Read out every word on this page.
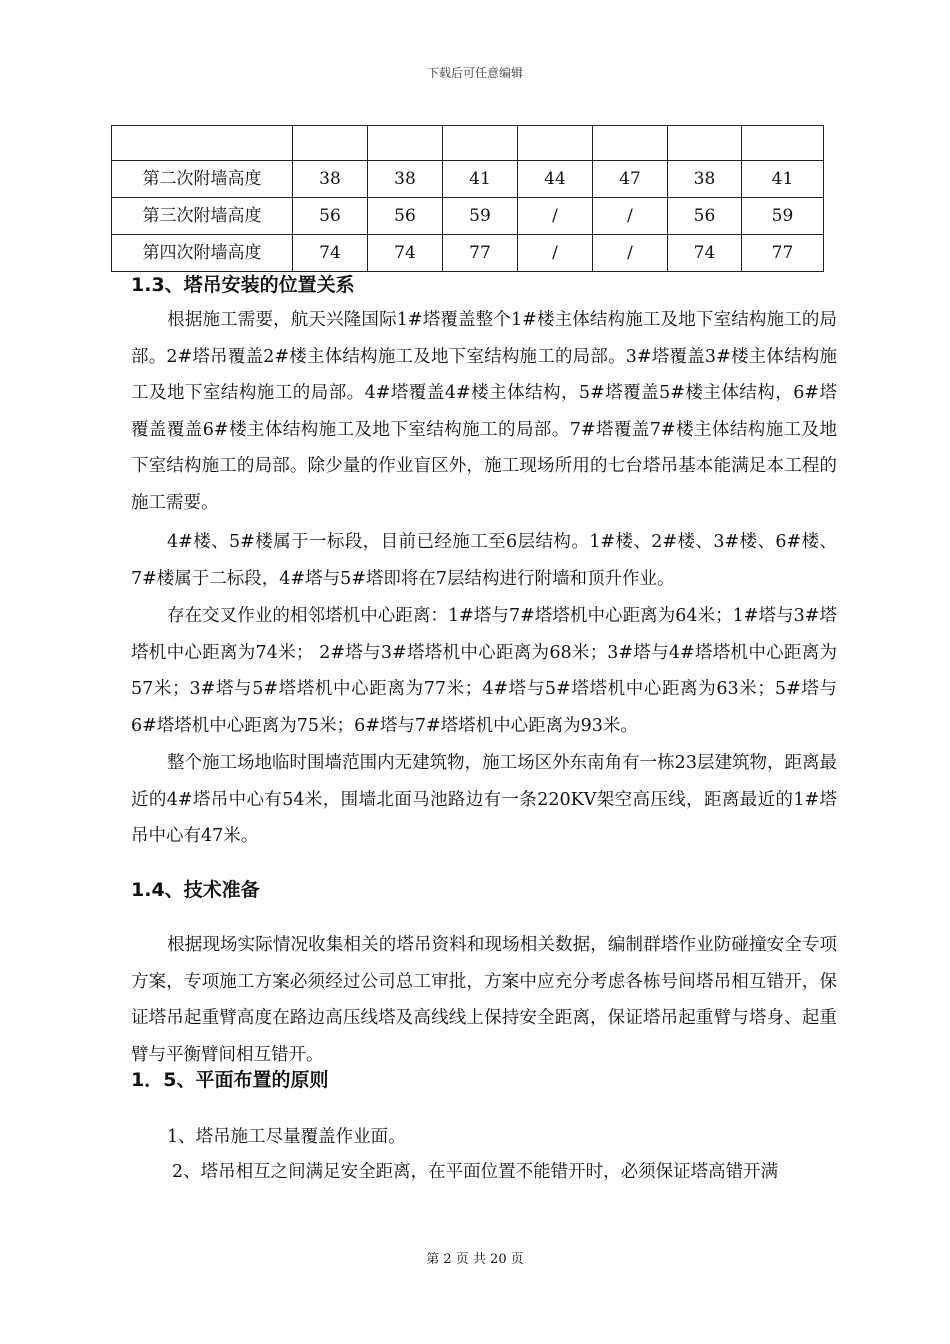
下载后可任意编辑

第二次附墙高度	38	38	41	44	47	38	41
第三次附墙高度	56	56	59	/	/	56	59
第四次附墙高度	74	74	77	/	/	74	77
1.3、塔吊安装的位置关系
根据施工需要，航天兴隆国际1#塔覆盖整个1#楼主体结构施工及地下室结构施工的局部。2#塔吊覆盖2#楼主体结构施工及地下室结构施工的局部。3#塔覆盖3#楼主体结构施工及地下室结构施工的局部。4#塔覆盖4#楼主体结构，5#塔覆盖5#楼主体结构，6#塔覆盖覆盖6#楼主体结构施工及地下室结构施工的局部。7#塔覆盖7#楼主体结构施工及地下室结构施工的局部。除少量的作业盲区外，施工现场所用的七台塔吊基本能满足本工程的施工需要。
4#楼、5#楼属于一标段，目前已经施工至6层结构。1#楼、2#楼、3#楼、6#楼、7#楼属于二标段，4#塔与5#塔即将在7层结构进行附墙和顶升作业。
存在交叉作业的相邻塔机中心距离：1#塔与7#塔塔机中心距离为64米；1#塔与3#塔塔机中心距离为74米； 2#塔与3#塔塔机中心距离为68米；3#塔与4#塔塔机中心距离为57米；3#塔与5#塔塔机中心距离为77米；4#塔与5#塔塔机中心距离为63米；5#塔与6#塔塔机中心距离为75米；6#塔与7#塔塔机中心距离为93米。
整个施工场地临时围墙范围内无建筑物，施工场区外东南角有一栋23层建筑物，距离最近的4#塔吊中心有54米，围墙北面马池路边有一条220KV架空高压线，距离最近的1#塔吊中心有47米。
1.4、技术准备
根据现场实际情况收集相关的塔吊资料和现场相关数据，编制群塔作业防碰撞安全专项方案，专项施工方案必须经过公司总工审批，方案中应充分考虑各栋号间塔吊相互错开，保证塔吊起重臂高度在路边高压线塔及高线线上保持安全距离，保证塔吊起重臂与塔身、起重臂与平衡臂间相互错开。
1．5、平面布置的原则
1、塔吊施工尽量覆盖作业面。
2、塔吊相互之间满足安全距离，在平面位置不能错开时，必须保证塔高错开满
第 2 页 共 20 页
